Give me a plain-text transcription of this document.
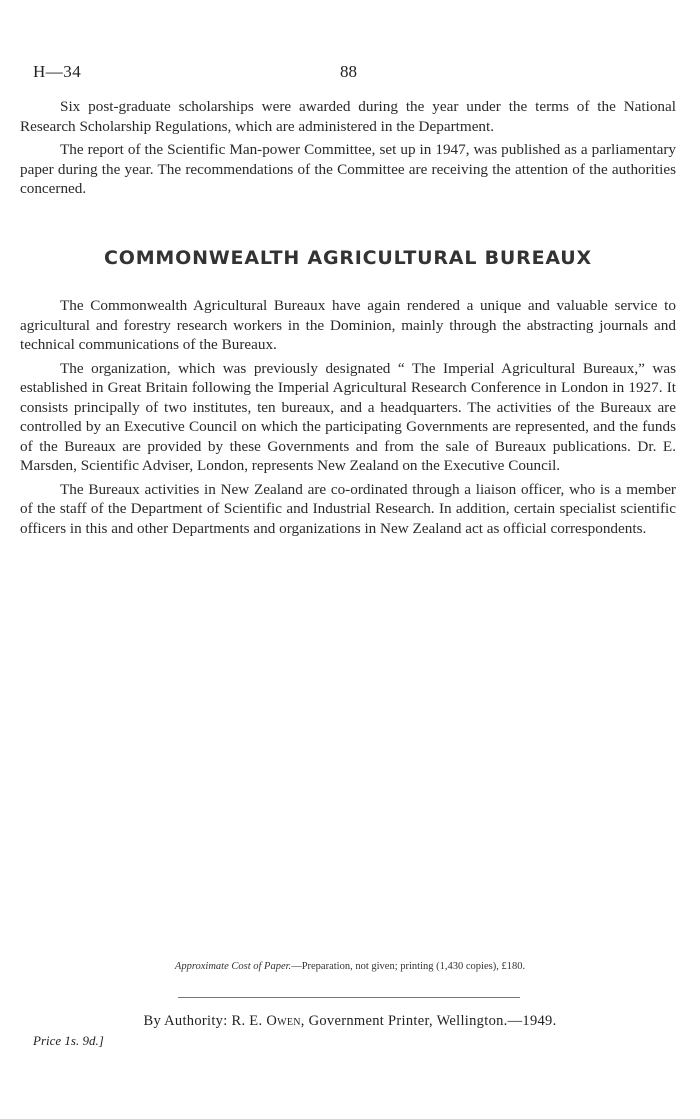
H—34	88

Six post-graduate scholarships were awarded during the year under the terms of the National Research Scholarship Regulations, which are administered in the Department.

The report of the Scientific Man-power Committee, set up in 1947, was published as a parliamentary paper during the year. The recommendations of the Committee are receiving the attention of the authorities concerned.

COMMONWEALTH AGRICULTURAL BUREAUX

The Commonwealth Agricultural Bureaux have again rendered a unique and valuable service to agricultural and forestry research workers in the Dominion, mainly through the abstracting journals and technical communications of the Bureaux.

The organization, which was previously designated “ The Imperial Agricultural Bureaux,” was established in Great Britain following the Imperial Agricultural Research Conference in London in 1927. It consists principally of two institutes, ten bureaux, and a headquarters. The activities of the Bureaux are controlled by an Executive Council on which the participating Governments are represented, and the funds of the Bureaux are provided by these Governments and from the sale of Bureaux publications. Dr. E. Marsden, Scientific Adviser, London, represents New Zealand on the Executive Council.

The Bureaux activities in New Zealand are co-ordinated through a liaison officer, who is a member of the staff of the Department of Scientific and Industrial Research. In addition, certain specialist scientific officers in this and other Departments and organizations in New Zealand act as official correspondents.

Approximate Cost of Paper.—Preparation, not given; printing (1,430 copies), £180.
By Authority: R. E. Owen, Government Printer, Wellington.—1949.
Price 1s. 9d.]
